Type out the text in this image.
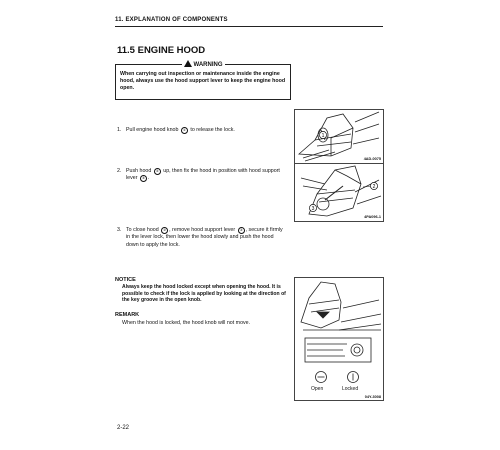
11. EXPLANATION OF COMPONENTS
11.5 ENGINE HOOD
WARNING
When carrying out inspection or maintenance inside the engine hood, always use the hood support lever to keep the engine hood open.
1. Pull engine hood knob ① to release the lock.
2. Push hood ② up, then fix the hood in position with hood support lever ③ .
3. To close hood ② , remove hood support lever ③ , secure it firmly in the lever lock, then lower the hood slowly and push the hood down to apply the lock.
1
4AD-0075
2
3
4PA096-1
Open	Locked
04Y-3008
NOTICE
Always keep the hood locked except when opening the hood. It is possible to check if the lock is applied by looking at the direction of the key groove in the open knob.
REMARK
When the hood is locked, the hood knob will not move.
2-22
